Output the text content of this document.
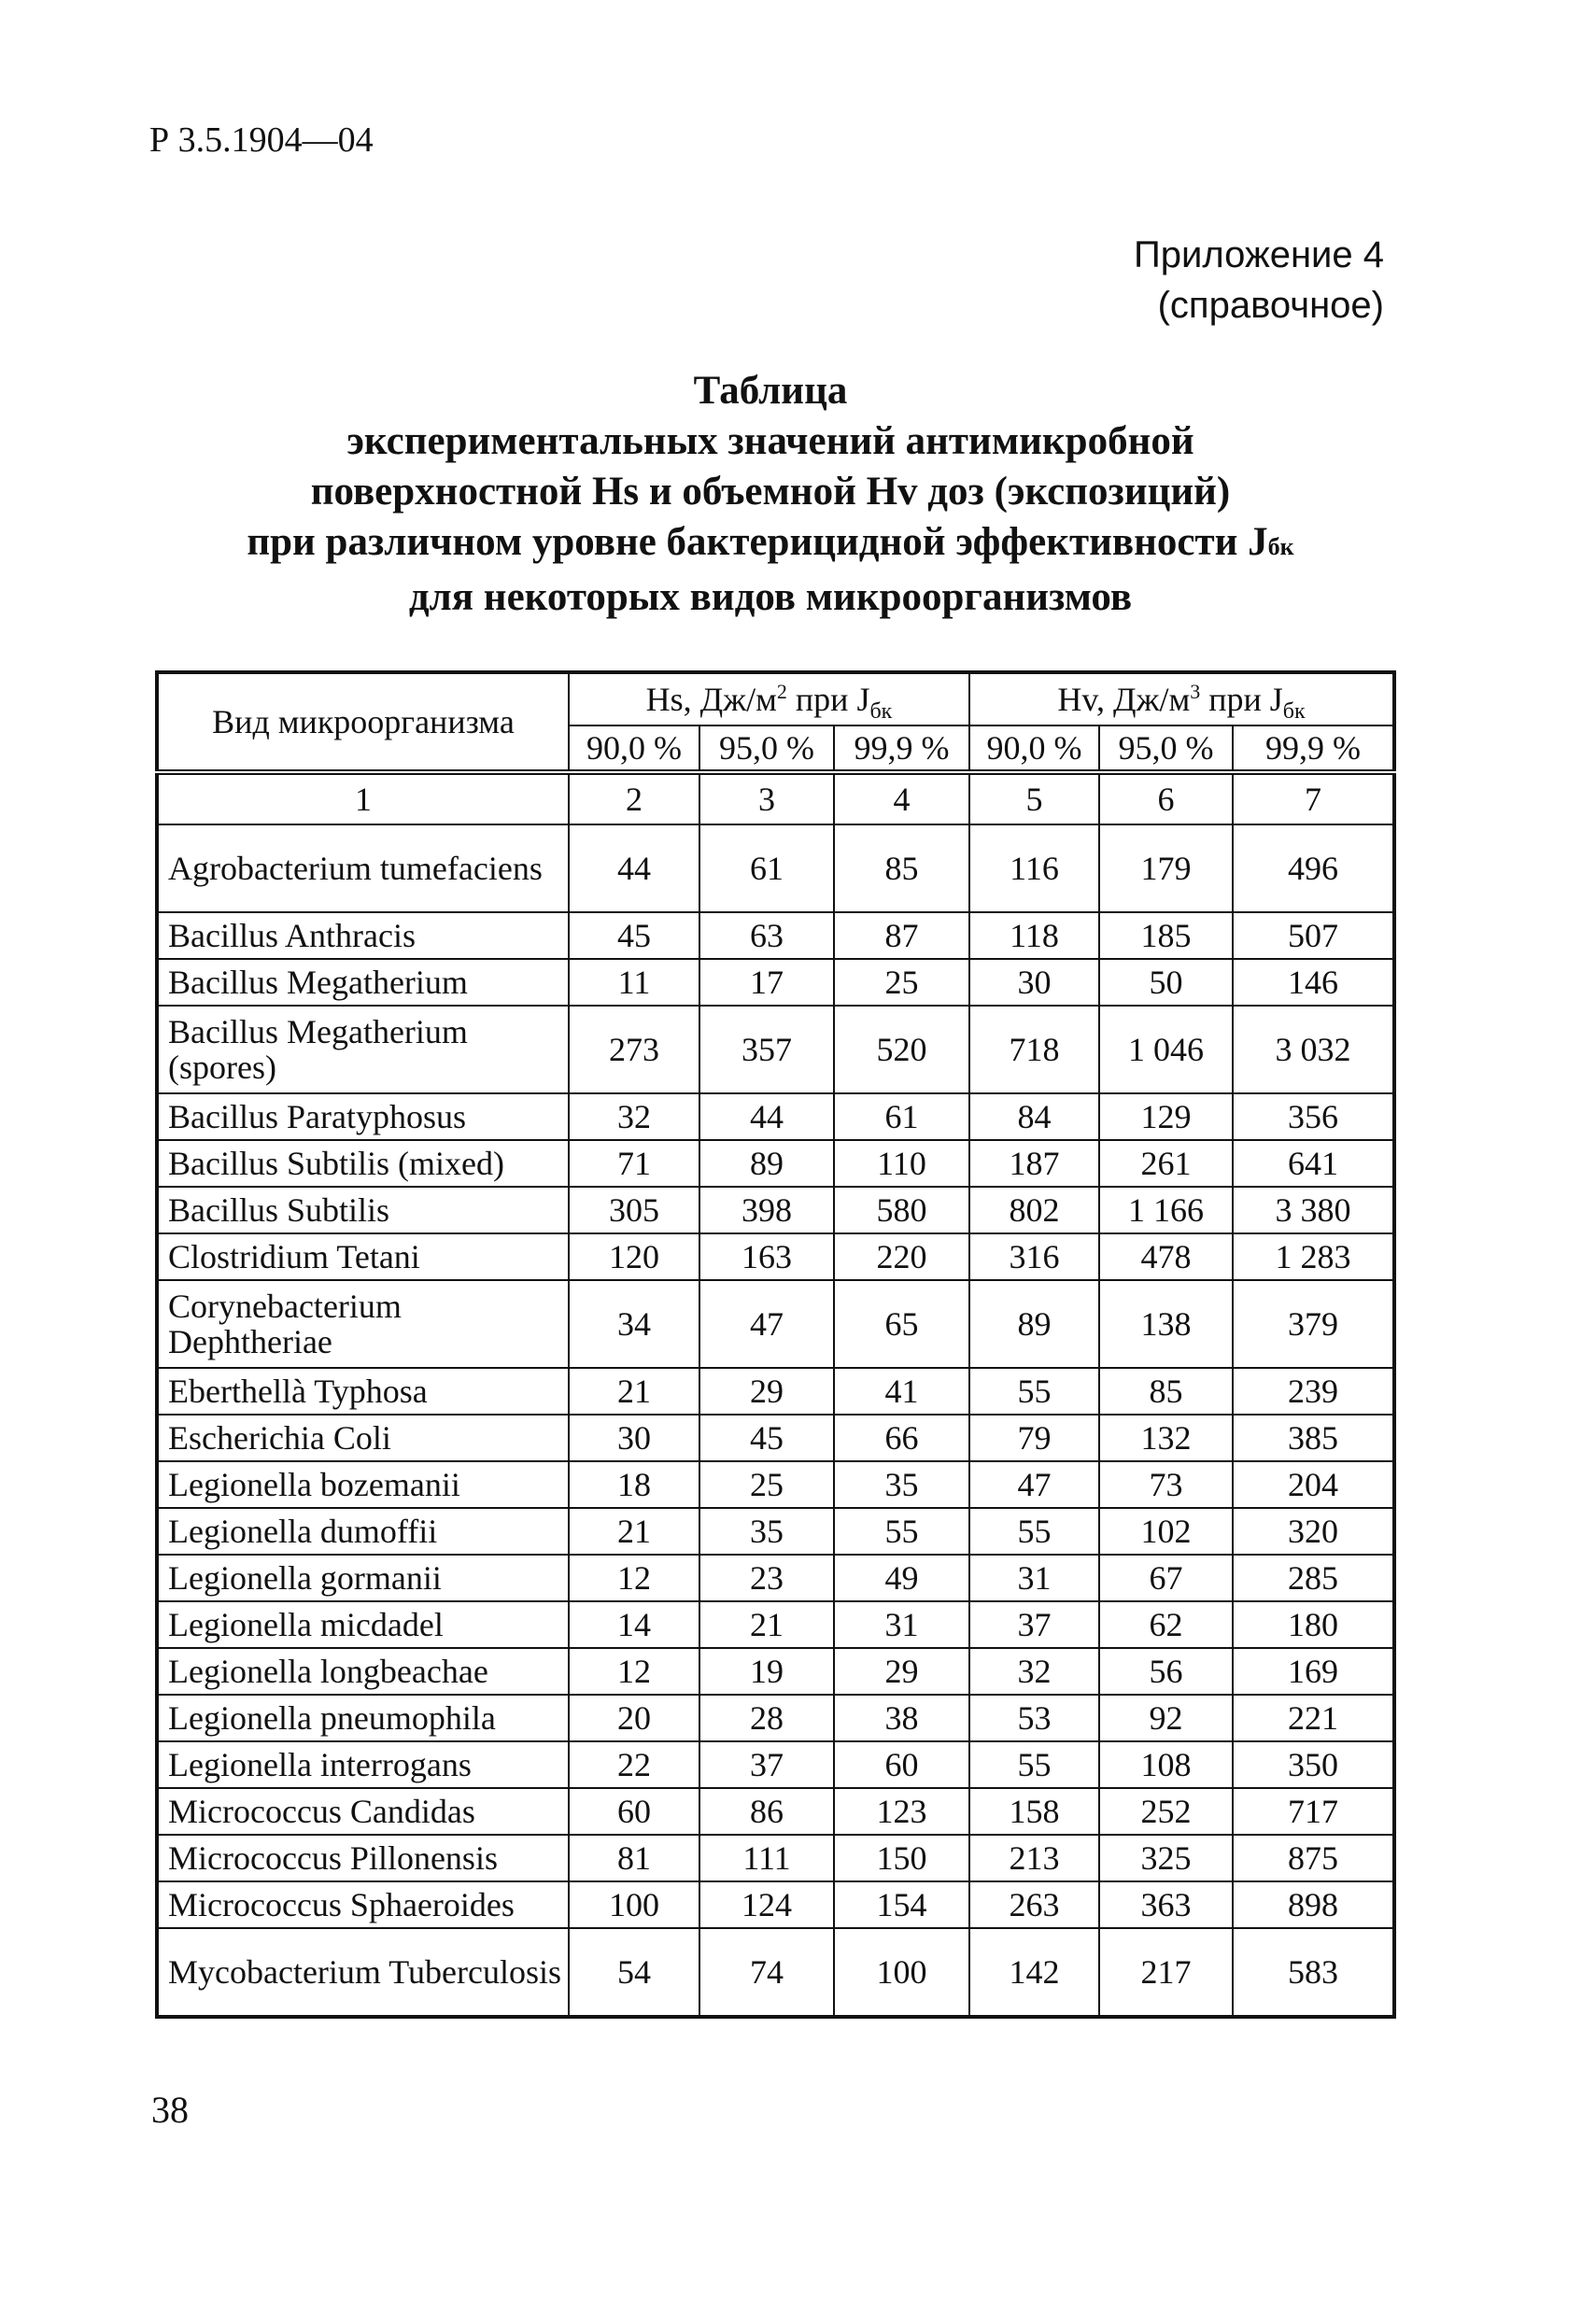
Р 3.5.1904—04
Приложение 4
(справочное)
Таблица
экспериментальных значений антимикробной
поверхностной Hs и объемной Hv доз (экспозиций)
при различном уровне бактерицидной эффективности Jбк
для некоторых видов микроорганизмов
Вид микроорганизма	Hs, $Дж/м^2$ при $J_{бк}$			Hv, $Дж/м^3$ при $J_{бк}$
	90,0 %	95,0 %	99,9 %	90,0 %	95,0 %	99,9 %
1	2	3	4	5	6	7
Agrobacterium tumefaciens	44	61	85	116	179	496
Bacillus Anthracis	45	63	87	118	185	507
Bacillus Megatherium	11	17	25	30	50	146
Bacillus Megatherium (spores)	273	357	520	718	1 046	3 032
Bacillus Paratyphosus	32	44	61	84	129	356
Bacillus Subtilis (mixed)	71	89	110	187	261	641
Bacillus Subtilis	305	398	580	802	1 166	3 380
Clostridium Tetani	120	163	220	316	478	1 283
Corynebacterium Dephtheriae	34	47	65	89	138	379
Eberthellà Typhosa	21	29	41	55	85	239
Escherichia Coli	30	45	66	79	132	385
Legionella bozemanii	18	25	35	47	73	204
Legionella dumoffii	21	35	55	55	102	320
Legionella gormanii	12	23	49	31	67	285
Legionella micdadel	14	21	31	37	62	180
Legionella longbeachae	12	19	29	32	56	169
Legionella pneumophila	20	28	38	53	92	221
Legionella interrogans	22	37	60	55	108	350
Micrococcus Candidas	60	86	123	158	252	717
Micrococcus Pillonensis	81	111	150	213	325	875
Micrococcus Sphaeroides	100	124	154	263	363	898
Mycobacterium Tuberculosis	54	74	100	142	217	583
38
